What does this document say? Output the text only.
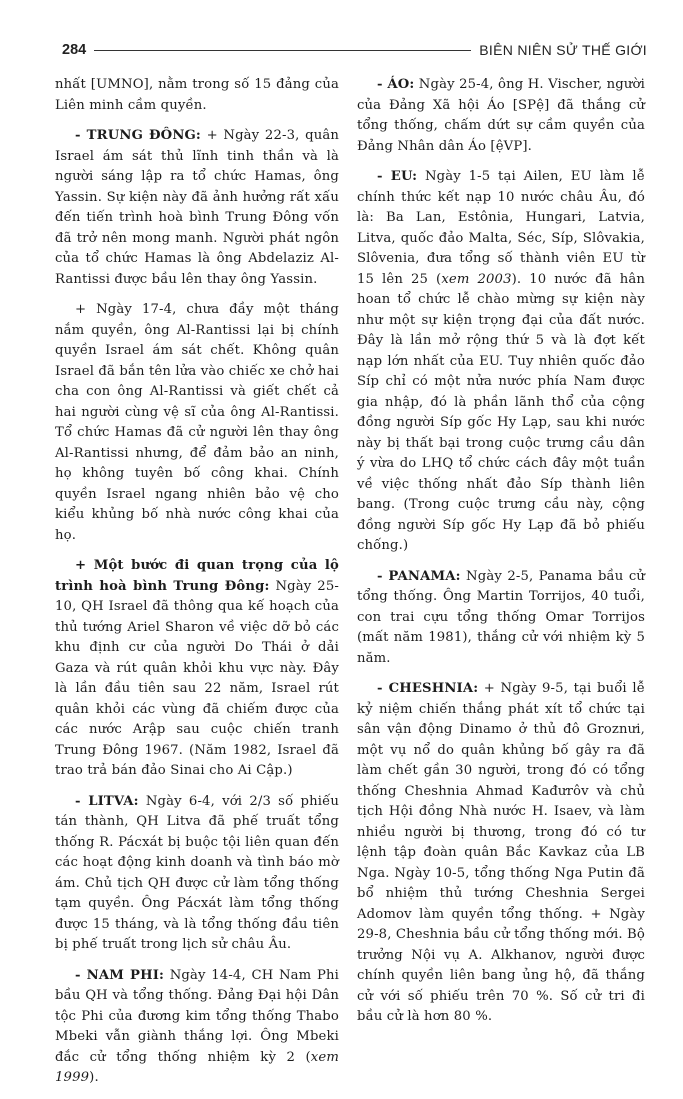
284	BIÊN NIÊN SỬ THẾ GIỚI

nhất [UMNO], nằm trong số 15 đảng của Liên minh cầm quyền.

- TRUNG ĐÔNG: + Ngày 22-3, quân Israel ám sát thủ lĩnh tinh thần và là người sáng lập ra tổ chức Hamas, ông Yassin. Sự kiện này đã ảnh hưởng rất xấu đến tiến trình hoà bình Trung Đông vốn đã trở nên mong manh. Người phát ngôn của tổ chức Hamas là ông Abdelaziz Al-Rantissi được bầu lên thay ông Yassin.

+ Ngày 17-4, chưa đầy một tháng nắm quyền, ông Al-Rantissi lại bị chính quyền Israel ám sát chết. Không quân Israel đã bắn tên lửa vào chiếc xe chở hai cha con ông Al-Rantissi và giết chết cả hai người cùng vệ sĩ của ông Al-Rantissi. Tổ chức Hamas đã cử người lên thay ông Al-Rantissi nhưng, để đảm bảo an ninh, họ không tuyên bố công khai. Chính quyền Israel ngang nhiên bảo vệ cho kiểu khủng bố nhà nước công khai của họ.

+ Một bước đi quan trọng của lộ trình hoà bình Trung Đông: Ngày 25-10, QH Israel đã thông qua kế hoạch của thủ tướng Ariel Sharon về việc dỡ bỏ các khu định cư của người Do Thái ở dải Gaza và rút quân khỏi khu vực này. Đây là lần đầu tiên sau 22 năm, Israel rút quân khỏi các vùng đã chiếm được của các nước Arập sau cuộc chiến tranh Trung Đông 1967. (Năm 1982, Israel đã trao trả bán đảo Sinai cho Ai Cập.)

- LITVA: Ngày 6-4, với 2/3 số phiếu tán thành, QH Litva đã phế truất tổng thống R. Pácxát bị buộc tội liên quan đến các hoạt động kinh doanh và tình báo mờ ám. Chủ tịch QH được cử làm tổng thống tạm quyền. Ông Pácxát làm tổng thống được 15 tháng, và là tổng thống đầu tiên bị phế truất trong lịch sử châu Âu.

- NAM PHI: Ngày 14-4, CH Nam Phi bầu QH và tổng thống. Đảng Đại hội Dân tộc Phi của đương kim tổng thống Thabo Mbeki vẫn giành thắng lợi. Ông Mbeki đắc cử tổng thống nhiệm kỳ 2 (xem 1999).

- ÁO: Ngày 25-4, ông H. Vischer, người của Đảng Xã hội Áo [SPệ] đã thắng cử tổng thống, chấm dứt sự cầm quyền của Đảng Nhân dân Áo [ệVP].

- EU: Ngày 1-5 tại Ailen, EU làm lễ chính thức kết nạp 10 nước châu Âu, đó là: Ba Lan, Estônia, Hungari, Latvia, Litva, quốc đảo Malta, Séc, Síp, Slôvakia, Slôvenia, đưa tổng số thành viên EU từ 15 lên 25 (xem 2003). 10 nước đã hân hoan tổ chức lễ chào mừng sự kiện này như một sự kiện trọng đại của đất nước. Đây là lần mở rộng thứ 5 và là đợt kết nạp lớn nhất của EU. Tuy nhiên quốc đảo Síp chỉ có một nửa nước phía Nam được gia nhập, đó là phần lãnh thổ của cộng đồng người Síp gốc Hy Lạp, sau khi nước này bị thất bại trong cuộc trưng cầu dân ý vừa do LHQ tổ chức cách đây một tuần về việc thống nhất đảo Síp thành liên bang. (Trong cuộc trưng cầu này, cộng đồng người Síp gốc Hy Lạp đã bỏ phiếu chống.)

- PANAMA: Ngày 2-5, Panama bầu cử tổng thống. Ông Martin Torrijos, 40 tuổi, con trai cựu tổng thống Omar Torrijos (mất năm 1981), thắng cử với nhiệm kỳ 5 năm.

- CHESHNIA: + Ngày 9-5, tại buổi lễ kỷ niệm chiến thắng phát xít tổ chức tại sân vận động Dinamo ở thủ đô Groznưi, một vụ nổ do quân khủng bố gây ra đã làm chết gần 30 người, trong đó có tổng thống Cheshnia Ahmad Kađưrôv và chủ tịch Hội đồng Nhà nước H. Isaev, và làm nhiều người bị thương, trong đó có tư lệnh tập đoàn quân Bắc Kavkaz của LB Nga. Ngày 10-5, tổng thống Nga Putin đã bổ nhiệm thủ tướng Cheshnia Sergei Adomov làm quyền tổng thống. + Ngày 29-8, Cheshnia bầu cử tổng thống mới. Bộ trưởng Nội vụ A. Alkhanov, người được chính quyền liên bang ủng hộ, đã thắng cử với số phiếu trên 70 %. Số cử tri đi bầu cử là hơn 80 %.
